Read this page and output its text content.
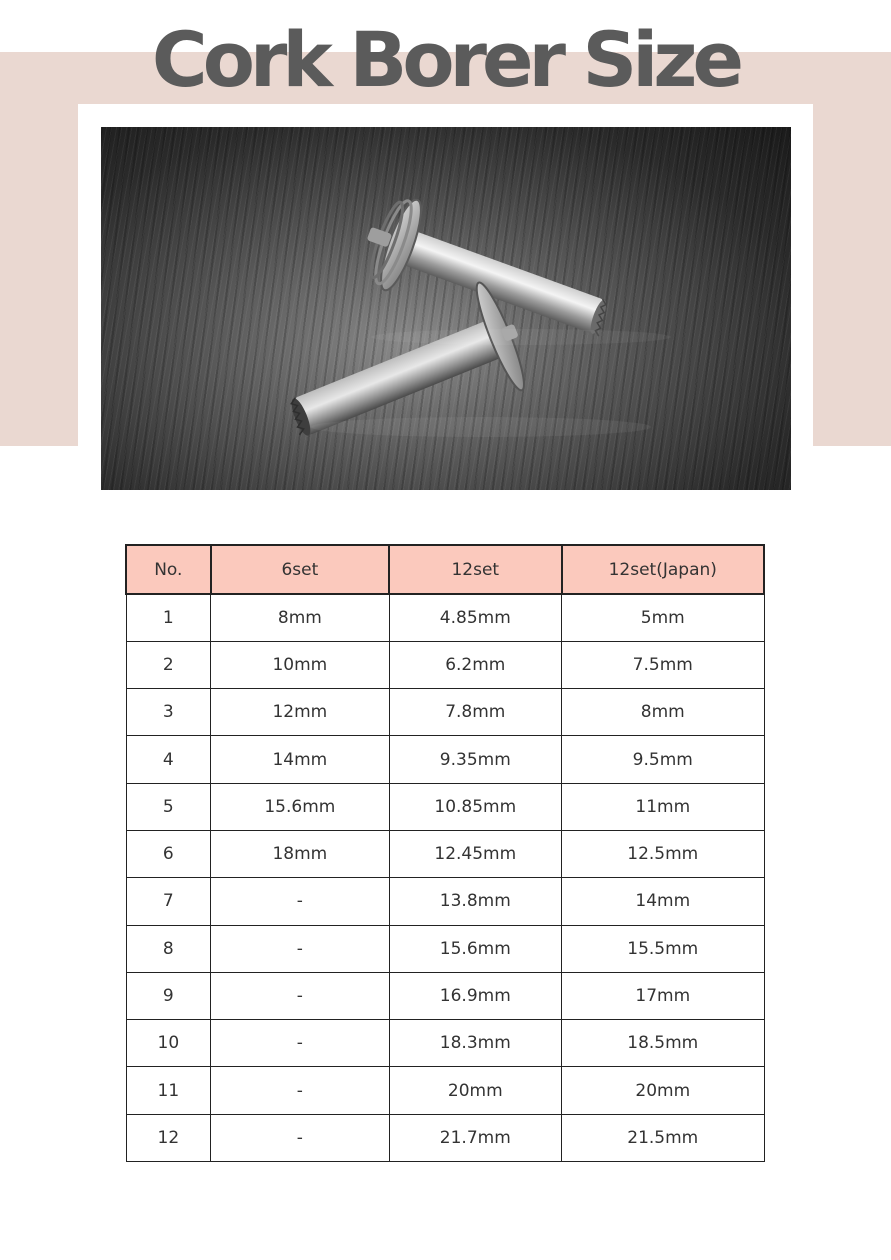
Cork Borer Size
No.	6set	12set	12set(Japan)
1	8mm	4.85mm	5mm
2	10mm	6.2mm	7.5mm
3	12mm	7.8mm	8mm
4	14mm	9.35mm	9.5mm
5	15.6mm	10.85mm	11mm
6	18mm	12.45mm	12.5mm
7	-	13.8mm	14mm
8	-	15.6mm	15.5mm
9	-	16.9mm	17mm
10	-	18.3mm	18.5mm
11	-	20mm	20mm
12	-	21.7mm	21.5mm
